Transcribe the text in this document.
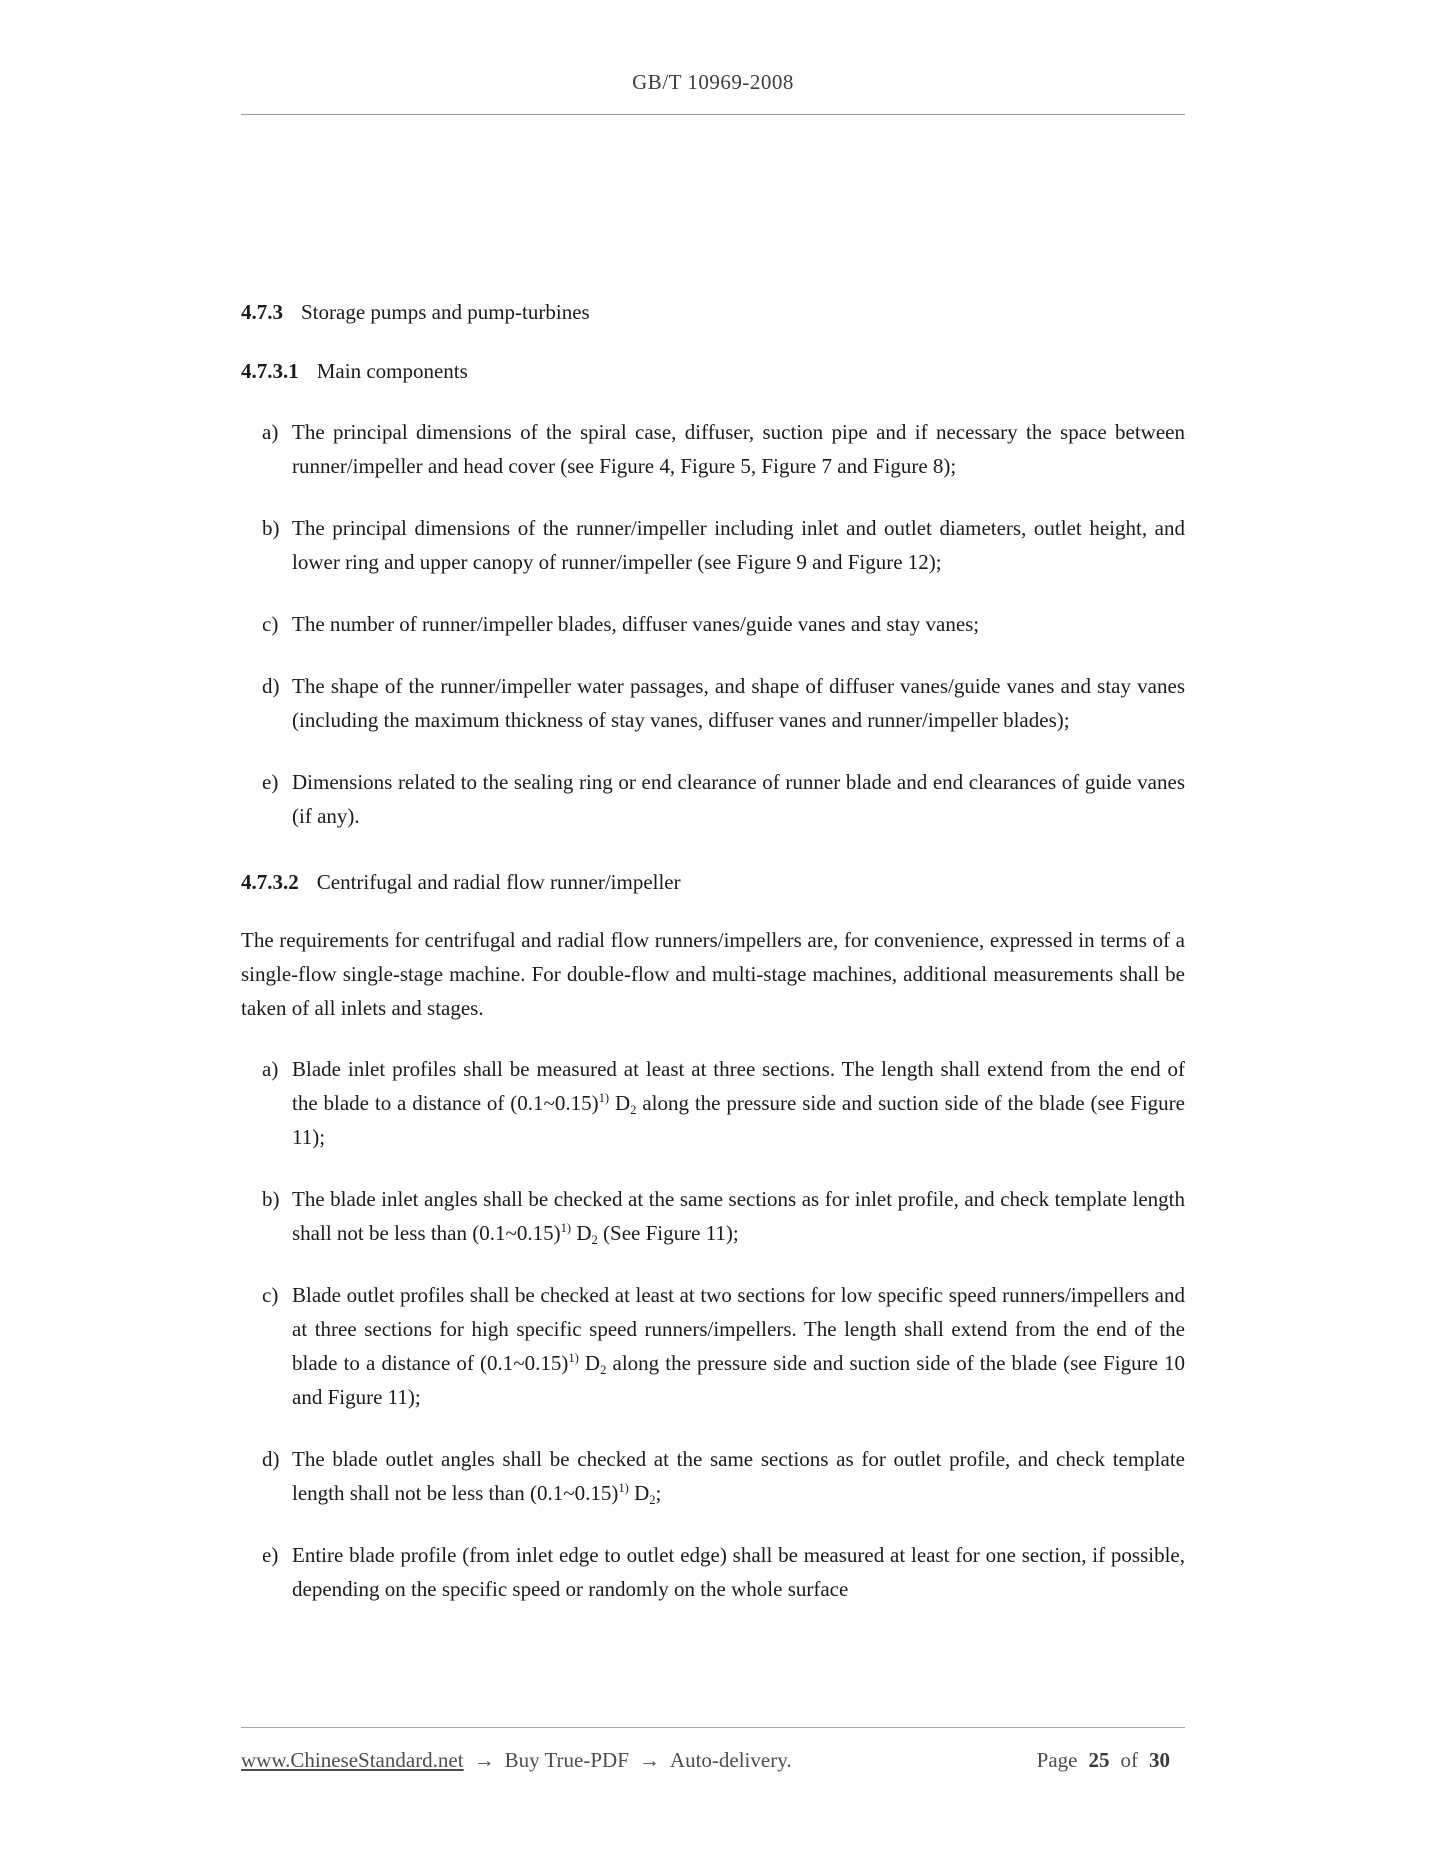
GB/T 10969-2008
4.7.3 Storage pumps and pump-turbines
4.7.3.1 Main components
a) The principal dimensions of the spiral case, diffuser, suction pipe and if necessary the space between runner/impeller and head cover (see Figure 4, Figure 5, Figure 7 and Figure 8);
b) The principal dimensions of the runner/impeller including inlet and outlet diameters, outlet height, and lower ring and upper canopy of runner/impeller (see Figure 9 and Figure 12);
c) The number of runner/impeller blades, diffuser vanes/guide vanes and stay vanes;
d) The shape of the runner/impeller water passages, and shape of diffuser vanes/guide vanes and stay vanes (including the maximum thickness of stay vanes, diffuser vanes and runner/impeller blades);
e) Dimensions related to the sealing ring or end clearance of runner blade and end clearances of guide vanes (if any).
4.7.3.2 Centrifugal and radial flow runner/impeller
The requirements for centrifugal and radial flow runners/impellers are, for convenience, expressed in terms of a single-flow single-stage machine. For double-flow and multi-stage machines, additional measurements shall be taken of all inlets and stages.
a) Blade inlet profiles shall be measured at least at three sections. The length shall extend from the end of the blade to a distance of (0.1~0.15)$^{1)}$ $D_2$ along the pressure side and suction side of the blade (see Figure 11);
b) The blade inlet angles shall be checked at the same sections as for inlet profile, and check template length shall not be less than (0.1~0.15)$^{1)}$ $D_2$ (See Figure 11);
c) Blade outlet profiles shall be checked at least at two sections for low specific speed runners/impellers and at three sections for high specific speed runners/impellers. The length shall extend from the end of the blade to a distance of (0.1~0.15)$^{1)}$ $D_2$ along the pressure side and suction side of the blade (see Figure 10 and Figure 11);
d) The blade outlet angles shall be checked at the same sections as for outlet profile, and check template length shall not be less than (0.1~0.15)$^{1)}$ $D_2$;
e) Entire blade profile (from inlet edge to outlet edge) shall be measured at least for one section, if possible, depending on the specific speed or randomly on the whole surface
www.ChineseStandard.net → Buy True-PDF → Auto-delivery.	Page 25 of 30
